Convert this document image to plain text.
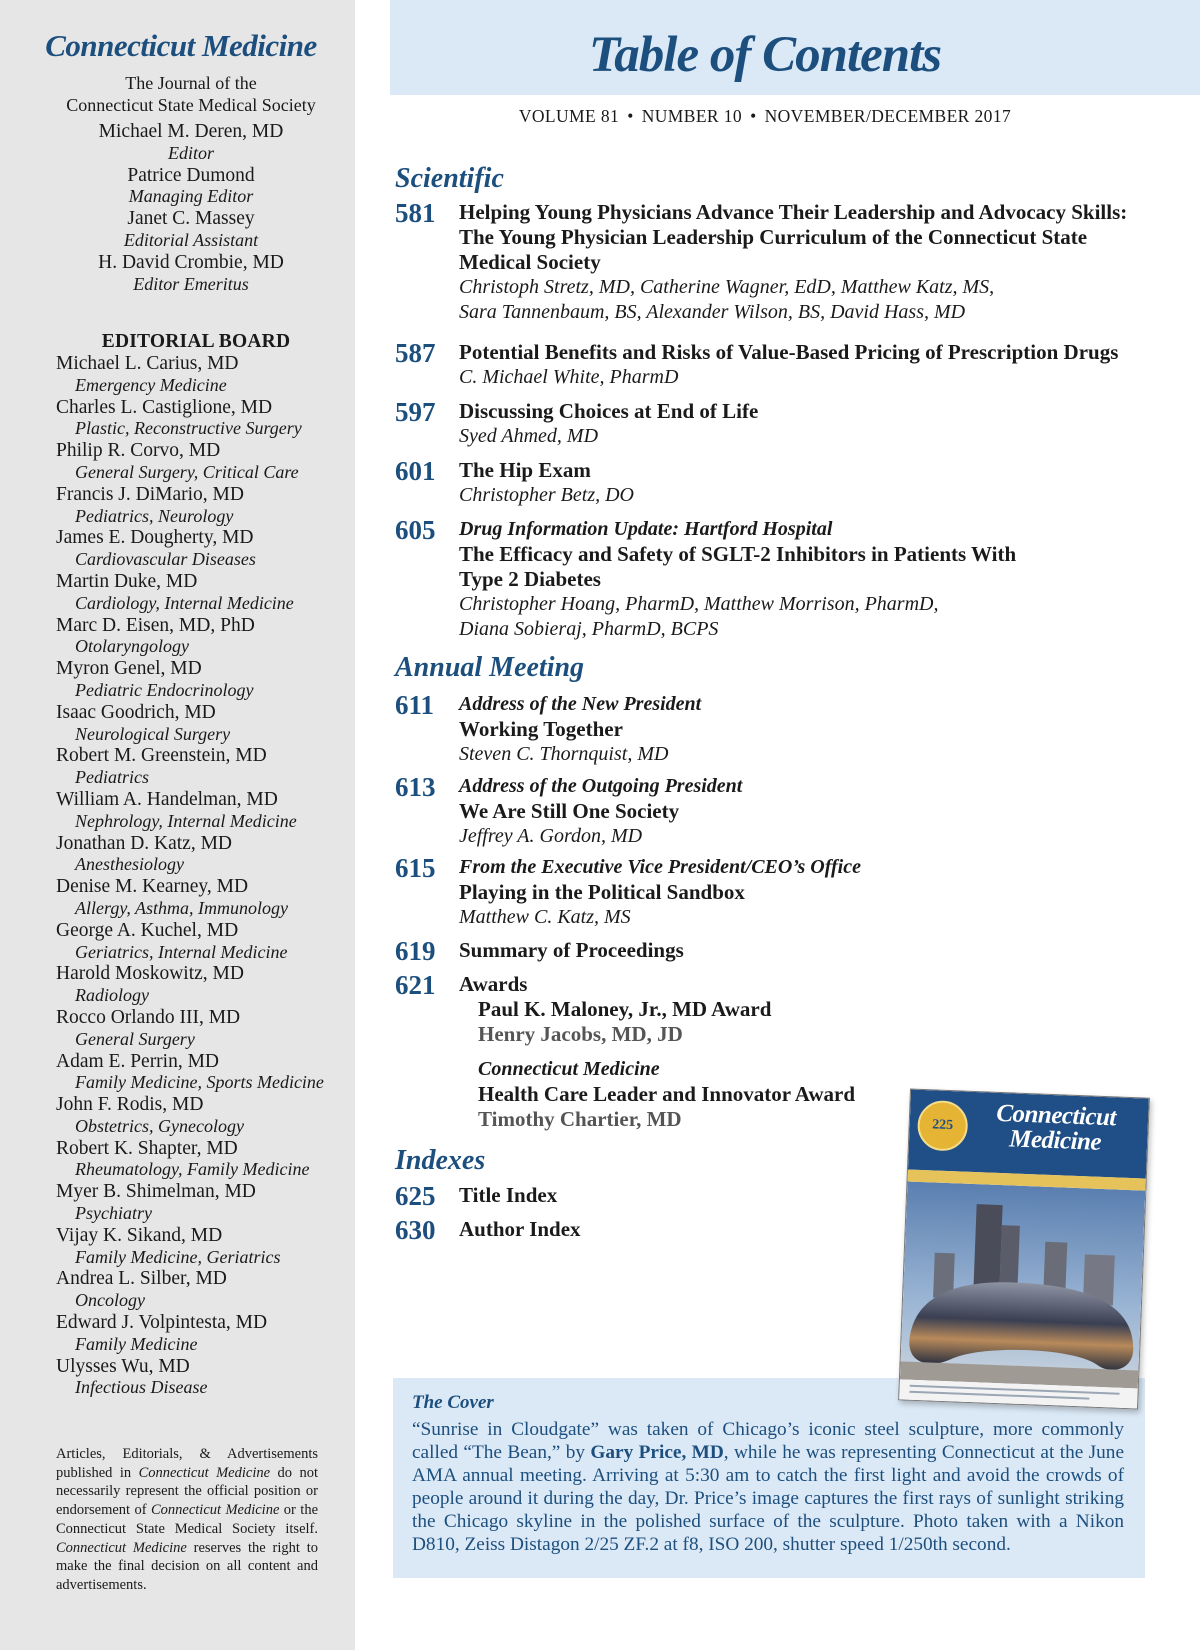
Connecticut Medicine
The Journal of the
Connecticut State Medical Society
Michael M. Deren, MD
Editor
Patrice Dumond
Managing Editor
Janet C. Massey
Editorial Assistant
H. David Crombie, MD
Editor Emeritus
EDITORIAL BOARD
Michael L. Carius, MD
Emergency Medicine
Charles L. Castiglione, MD
Plastic, Reconstructive Surgery
Philip R. Corvo, MD
General Surgery, Critical Care
Francis J. DiMario, MD
Pediatrics, Neurology
James E. Dougherty, MD
Cardiovascular Diseases
Martin Duke, MD
Cardiology, Internal Medicine
Marc D. Eisen, MD, PhD
Otolaryngology
Myron Genel, MD
Pediatric Endocrinology
Isaac Goodrich, MD
Neurological Surgery
Robert M. Greenstein, MD
Pediatrics
William A. Handelman, MD
Nephrology, Internal Medicine
Jonathan D. Katz, MD
Anesthesiology
Denise M. Kearney, MD
Allergy, Asthma, Immunology
George A. Kuchel, MD
Geriatrics, Internal Medicine
Harold Moskowitz, MD
Radiology
Rocco Orlando III, MD
General Surgery
Adam E. Perrin, MD
Family Medicine, Sports Medicine
John F. Rodis, MD
Obstetrics, Gynecology
Robert K. Shapter, MD
Rheumatology, Family Medicine
Myer B. Shimelman, MD
Psychiatry
Vijay K. Sikand, MD
Family Medicine, Geriatrics
Andrea L. Silber, MD
Oncology
Edward J. Volpintesta, MD
Family Medicine
Ulysses Wu, MD
Infectious Disease
Articles, Editorials, & Advertisements published in Connecticut Medicine do not necessarily represent the official position or endorsement of Connecticut Medicine or the Connecticut State Medical Society itself. Connecticut Medicine reserves the right to make the final decision on all content and advertisements.
Table of Contents
VOLUME 81 • NUMBER 10 • NOVEMBER/DECEMBER 2017
Scientific
581 Helping Young Physicians Advance Their Leadership and Advocacy Skills:
The Young Physician Leadership Curriculum of the Connecticut State
Medical Society
Christoph Stretz, MD, Catherine Wagner, EdD, Matthew Katz, MS,
Sara Tannenbaum, BS, Alexander Wilson, BS, David Hass, MD
587 Potential Benefits and Risks of Value-Based Pricing of Prescription Drugs
C. Michael White, PharmD
597 Discussing Choices at End of Life
Syed Ahmed, MD
601 The Hip Exam
Christopher Betz, DO
605 Drug Information Update: Hartford Hospital
The Efficacy and Safety of SGLT-2 Inhibitors in Patients With
Type 2 Diabetes
Christopher Hoang, PharmD, Matthew Morrison, PharmD,
Diana Sobieraj, PharmD, BCPS
Annual Meeting
611 Address of the New President
Working Together
Steven C. Thornquist, MD
613 Address of the Outgoing President
We Are Still One Society
Jeffrey A. Gordon, MD
615 From the Executive Vice President/CEO’s Office
Playing in the Political Sandbox
Matthew C. Katz, MS
619 Summary of Proceedings
621 Awards
Paul K. Maloney, Jr., MD Award
Henry Jacobs, MD, JD
Connecticut Medicine
Health Care Leader and Innovator Award
Timothy Chartier, MD
Indexes
625 Title Index
630 Author Index
The Cover
“Sunrise in Cloudgate” was taken of Chicago’s iconic steel sculpture, more commonly called “The Bean,” by Gary Price, MD, while he was representing Connecticut at the June AMA annual meeting. Arriving at 5:30 am to catch the first light and avoid the crowds of people around it during the day, Dr. Price’s image captures the first rays of sunlight striking the Chicago skyline in the polished surface of the sculpture. Photo taken with a Nikon D810, Zeiss Distagon 2/25 ZF.2 at f8, ISO 200, shutter speed 1/250th second.
225	Connecticut Medicine
